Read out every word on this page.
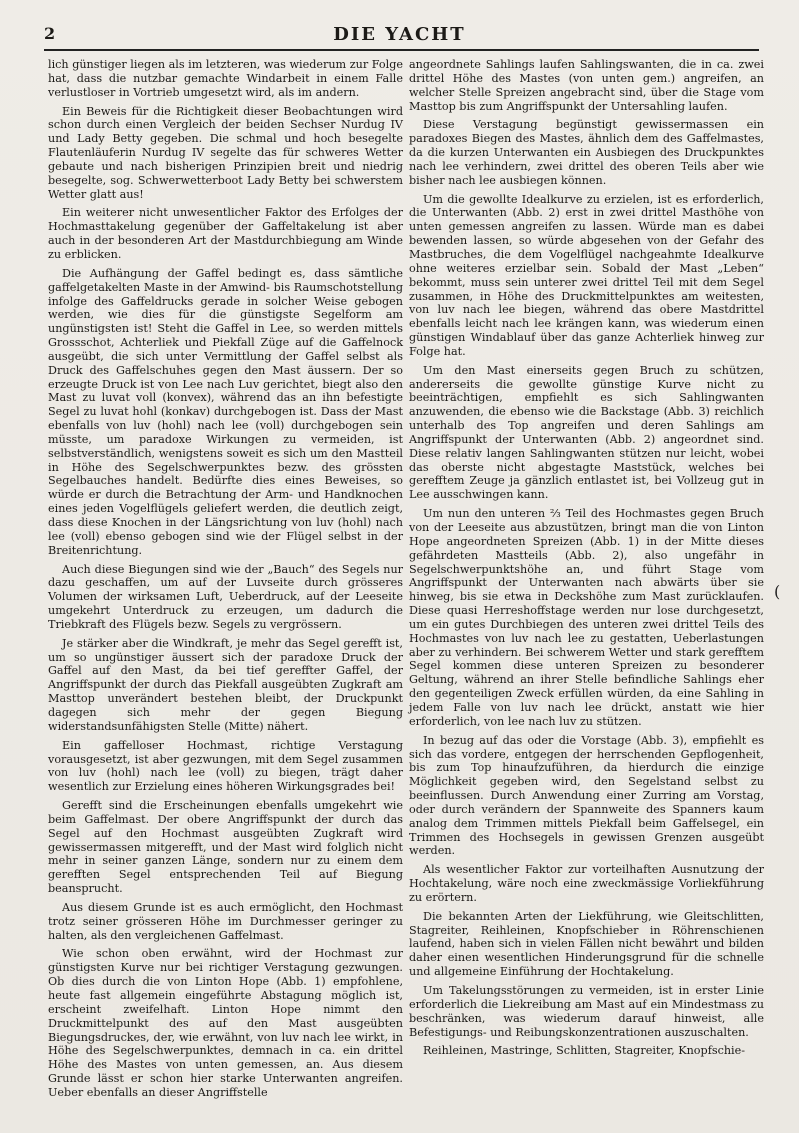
2	DIE YACHT

lich günstiger liegen als im letzteren, was wiederum zur Folge hat, dass die nutzbar gemachte Windarbeit in einem Falle verlustloser in Vortrieb umgesetzt wird, als im andern.

Ein Beweis für die Richtigkeit dieser Beobachtungen wird schon durch einen Vergleich der beiden Sechser Nurdug IV und Lady Betty gegeben. Die schmal und hoch besegelte Flautenläuferin Nurdug IV segelte das für schweres Wetter gebaute und nach bisherigen Prinzipien breit und niedrig besegelte, sog. Schwerwetterboot Lady Betty bei schwerstem Wetter glatt aus!

Ein weiterer nicht unwesentlicher Faktor des Erfolges der Hochmasttakelung gegenüber der Gaffeltakelung ist aber auch in der besonderen Art der Mastdurchbiegung am Winde zu erblicken.

Die Aufhängung der Gaffel bedingt es, dass sämtliche gaffelgetakelten Maste in der Amwind- bis Raumschotstellung infolge des Gaffeldrucks gerade in solcher Weise gebogen werden, wie dies für die günstigste Segelform am ungünstigsten ist! Steht die Gaffel in Lee, so werden mittels Grossschot, Achterliek und Piekfall Züge auf die Gaffelnock ausgeübt, die sich unter Vermittlung der Gaffel selbst als Druck des Gaffelschuhes gegen den Mast äussern. Der so erzeugte Druck ist von Lee nach Luv gerichtet, biegt also den Mast zu luvat voll (konvex), während das an ihn befestigte Segel zu luvat hohl (konkav) durchgebogen ist. Dass der Mast ebenfalls von luv (hohl) nach lee (voll) durchgebogen sein müsste, um paradoxe Wirkungen zu vermeiden, ist selbstverständlich, wenigstens soweit es sich um den Mastteil in Höhe des Segelschwerpunktes bezw. des grössten Segelbauches handelt. Bedürfte dies eines Beweises, so würde er durch die Betrachtung der Arm- und Handknochen eines jeden Vogelflügels geliefert werden, die deutlich zeigt, dass diese Knochen in der Längsrichtung von luv (hohl) nach lee (voll) ebenso gebogen sind wie der Flügel selbst in der Breitenrichtung.

Auch diese Biegungen sind wie der „Bauch“ des Segels nur dazu geschaffen, um auf der Luvseite durch grösseres Volumen der wirksamen Luft, Ueberdruck, auf der Leeseite umgekehrt Unterdruck zu erzeugen, um dadurch die Triebkraft des Flügels bezw. Segels zu vergrössern.

Je stärker aber die Windkraft, je mehr das Segel gerefft ist, um so ungünstiger äussert sich der paradoxe Druck der Gaffel auf den Mast, da bei tief gereffter Gaffel, der Angriffspunkt der durch das Piekfall ausgeübten Zugkraft am Masttop unverändert bestehen bleibt, der Druckpunkt dagegen sich mehr der gegen Biegung widerstandsunfähigsten Stelle (Mitte) nähert.

Ein gaffelloser Hochmast, richtige Verstagung vorausgesetzt, ist aber gezwungen, mit dem Segel zusammen von luv (hohl) nach lee (voll) zu biegen, trägt daher wesentlich zur Erzielung eines höheren Wirkungsgrades bei!

Gerefft sind die Erscheinungen ebenfalls umgekehrt wie beim Gaffelmast. Der obere Angriffspunkt der durch das Segel auf den Hochmast ausgeübten Zugkraft wird gewissermassen mitgerefft, und der Mast wird folglich nicht mehr in seiner ganzen Länge, sondern nur zu einem dem gerefften Segel entsprechenden Teil auf Biegung beansprucht.

Aus diesem Grunde ist es auch ermöglicht, den Hochmast trotz seiner grösseren Höhe im Durchmesser geringer zu halten, als den vergleichenen Gaffelmast.

Wie schon oben erwähnt, wird der Hochmast zur günstigsten Kurve nur bei richtiger Verstagung gezwungen. Ob dies durch die von Linton Hope (Abb. 1) empfohlene, heute fast allgemein eingeführte Abstagung möglich ist, erscheint zweifelhaft. Linton Hope nimmt den Druckmittelpunkt des auf den Mast ausgeübten Biegungsdruckes, der, wie erwähnt, von luv nach lee wirkt, in Höhe des Segelschwerpunktes, demnach in ca. ein drittel Höhe des Mastes von unten gemessen, an. Aus diesem Grunde lässt er schon hier starke Unterwanten angreifen. Ueber ebenfalls an dieser Angriffstelle

angeordnete Sahlings laufen Sahlingswanten, die in ca. zwei drittel Höhe des Mastes (von unten gem.) angreifen, an welcher Stelle Spreizen angebracht sind, über die Stage vom Masttop bis zum Angriffspunkt der Untersahling laufen.

Diese Verstagung begünstigt gewissermassen ein paradoxes Biegen des Mastes, ähnlich dem des Gaffelmastes, da die kurzen Unterwanten ein Ausbiegen des Druckpunktes nach lee verhindern, zwei drittel des oberen Teils aber wie bisher nach lee ausbiegen können.

Um die gewollte Idealkurve zu erzielen, ist es erforderlich, die Unterwanten (Abb. 2) erst in zwei drittel Masthöhe von unten gemessen angreifen zu lassen. Würde man es dabei bewenden lassen, so würde abgesehen von der Gefahr des Mastbruches, die dem Vogelflügel nachgeahmte Idealkurve ohne weiteres erzielbar sein. Sobald der Mast „Leben“ bekommt, muss sein unterer zwei drittel Teil mit dem Segel zusammen, in Höhe des Druckmittelpunktes am weitesten, von luv nach lee biegen, während das obere Mastdrittel ebenfalls leicht nach lee krängen kann, was wiederum einen günstigen Windablauf über das ganze Achterliek hinweg zur Folge hat.

Um den Mast einerseits gegen Bruch zu schützen, andererseits die gewollte günstige Kurve nicht zu beeinträchtigen, empfiehlt es sich Sahlingwanten anzuwenden, die ebenso wie die Backstage (Abb. 3) reichlich unterhalb des Top angreifen und deren Sahlings am Angriffspunkt der Unterwanten (Abb. 2) angeordnet sind. Diese relativ langen Sahlingwanten stützen nur leicht, wobei das oberste nicht abgestagte Maststück, welches bei gerefftem Zeuge ja gänzlich entlastet ist, bei Vollzeug gut in Lee ausschwingen kann.

Um nun den unteren ⅔ Teil des Hochmastes gegen Bruch von der Leeseite aus abzustützen, bringt man die von Linton Hope angeordneten Spreizen (Abb. 1) in der Mitte dieses gefährdeten Mastteils (Abb. 2), also ungefähr in Segelschwerpunktshöhe an, und führt Stage vom Angriffspunkt der Unterwanten nach abwärts über sie hinweg, bis sie etwa in Deckshöhe zum Mast zurücklaufen. Diese quasi Herreshoffstage werden nur lose durchgesetzt, um ein gutes Durchbiegen des unteren zwei drittel Teils des Hochmastes von luv nach lee zu gestatten, Ueberlastungen aber zu verhindern. Bei schwerem Wetter und stark gerefftem Segel kommen diese unteren Spreizen zu besonderer Geltung, während an ihrer Stelle befindliche Sahlings eher den gegenteiligen Zweck erfüllen würden, da eine Sahling in jedem Falle von luv nach lee drückt, anstatt wie hier erforderlich, von lee nach luv zu stützen.

In bezug auf das oder die Vorstage (Abb. 3), empfiehlt es sich das vordere, entgegen der herrschenden Gepflogenheit, bis zum Top hinaufzuführen, da hierdurch die einzige Möglichkeit gegeben wird, den Segelstand selbst zu beeinflussen. Durch Anwendung einer Zurring am Vorstag, oder durch verändern der Spannweite des Spanners kaum analog dem Trimmen mittels Piekfall beim Gaffelsegel, ein Trimmen des Hochsegels in gewissen Grenzen ausgeübt werden.

Als wesentlicher Faktor zur vorteilhaften Ausnutzung der Hochtakelung, wäre noch eine zweckmässige Vorliekführung zu erörtern.

Die bekannten Arten der Liekführung, wie Gleitschlitten, Stagreiter, Reihleinen, Knopfschieber in Röhrenschienen laufend, haben sich in vielen Fällen nicht bewährt und bilden daher einen wesentlichen Hinderungsgrund für die schnelle und allgemeine Einführung der Hochtakelung.

Um Takelungsstörungen zu vermeiden, ist in erster Linie erforderlich die Liekreibung am Mast auf ein Mindestmass zu beschränken, was wiederum darauf hinweist, alle Befestigungs- und Reibungskonzentrationen auszuschalten.

Reihleinen, Mastringe, Schlitten, Stagreiter, Knopfschie-

(
